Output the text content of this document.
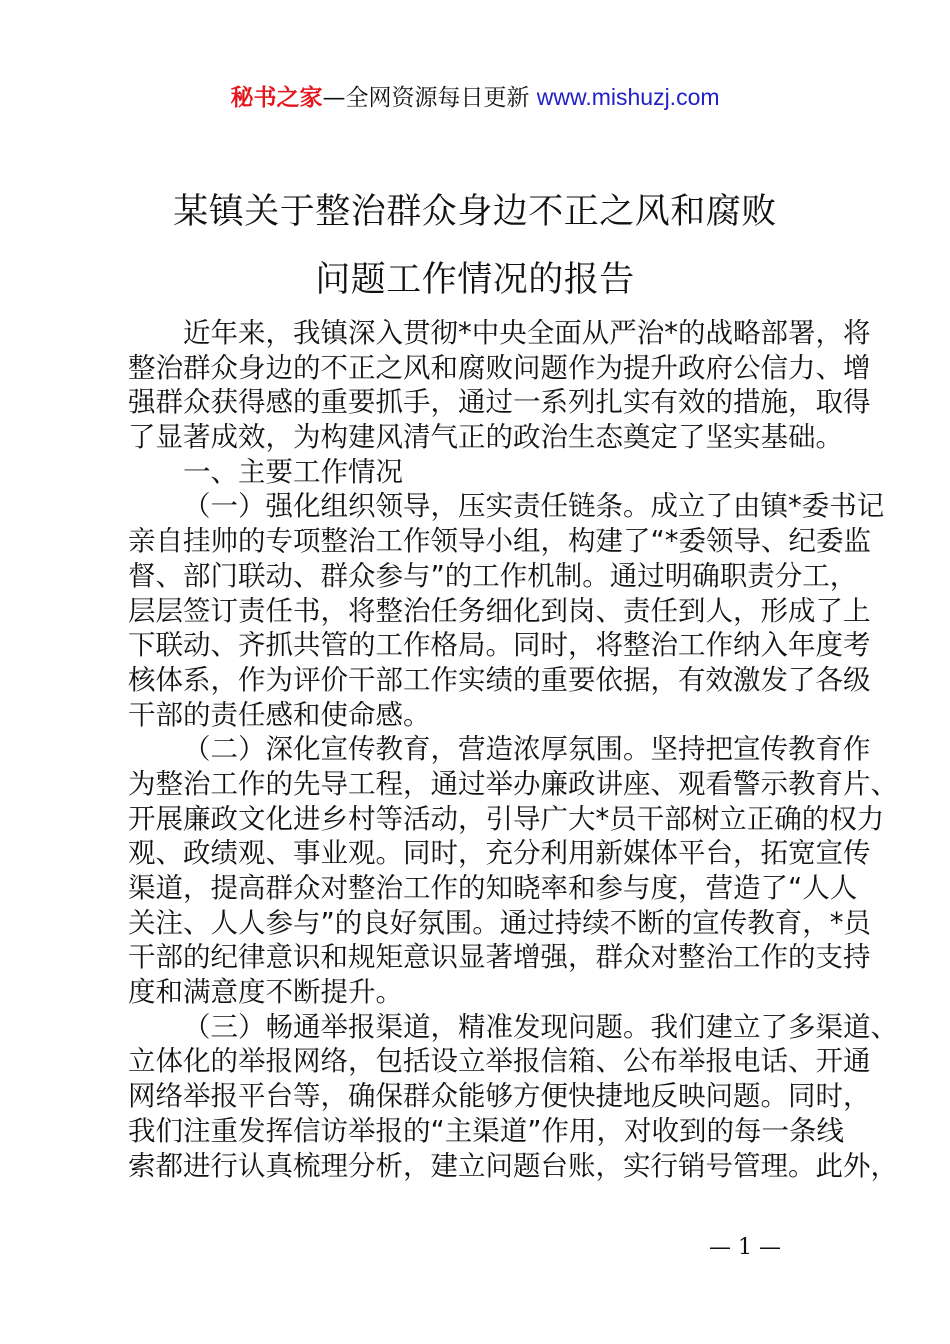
秘书之家—全网资源每日更新 www.mishuzj.com
某镇关于整治群众身边不正之风和腐败
问题工作情况的报告
近年来，我镇深入贯彻*中央全面从严治*的战略部署，将
整治群众身边的不正之风和腐败问题作为提升政府公信力、增
强群众获得感的重要抓手，通过一系列扎实有效的措施，取得
了显著成效，为构建风清气正的政治生态奠定了坚实基础。
一、主要工作情况
（一）强化组织领导，压实责任链条。成立了由镇*委书记
亲自挂帅的专项整治工作领导小组，构建了“*委领导、纪委监
督、部门联动、群众参与”的工作机制。通过明确职责分工，
层层签订责任书，将整治任务细化到岗、责任到人，形成了上
下联动、齐抓共管的工作格局。同时，将整治工作纳入年度考
核体系，作为评价干部工作实绩的重要依据，有效激发了各级
干部的责任感和使命感。
（二）深化宣传教育，营造浓厚氛围。坚持把宣传教育作
为整治工作的先导工程，通过举办廉政讲座、观看警示教育片、
开展廉政文化进乡村等活动，引导广大*员干部树立正确的权力
观、政绩观、事业观。同时，充分利用新媒体平台，拓宽宣传
渠道，提高群众对整治工作的知晓率和参与度，营造了“人人
关注、人人参与”的良好氛围。通过持续不断的宣传教育，*员
干部的纪律意识和规矩意识显著增强，群众对整治工作的支持
度和满意度不断提升。
（三）畅通举报渠道，精准发现问题。我们建立了多渠道、
立体化的举报网络，包括设立举报信箱、公布举报电话、开通
网络举报平台等，确保群众能够方便快捷地反映问题。同时，
我们注重发挥信访举报的“主渠道”作用，对收到的每一条线
索都进行认真梳理分析，建立问题台账，实行销号管理。此外，
— 1 —
